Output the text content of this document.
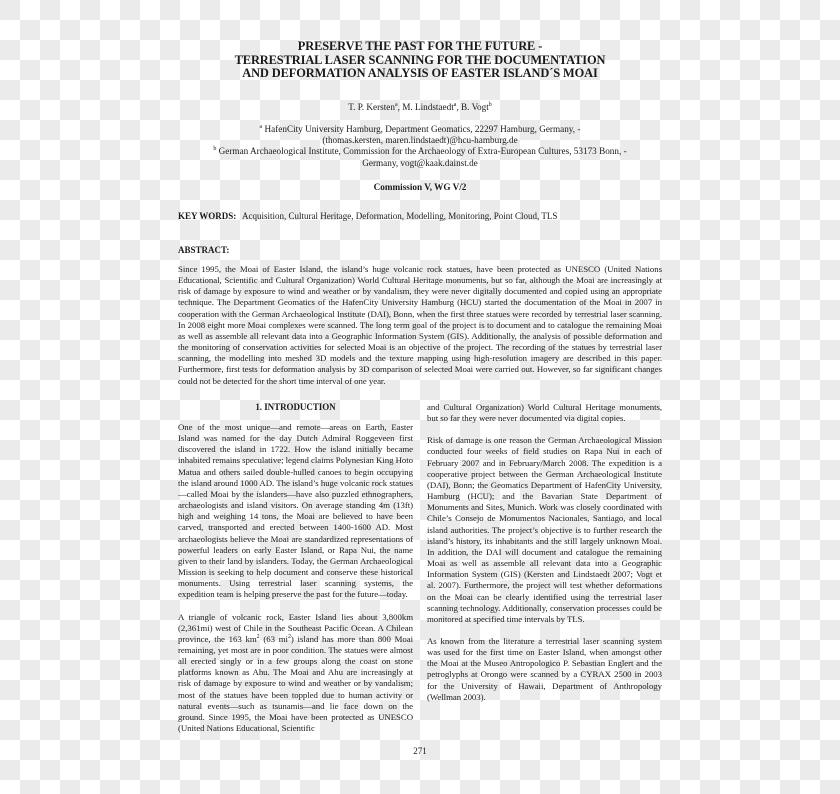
PRESERVE THE PAST FOR THE FUTURE -
TERRESTRIAL LASER SCANNING FOR THE DOCUMENTATION
AND DEFORMATION ANALYSIS OF EASTER ISLAND´S MOAI
T. P. Kersten$^a$, M. Lindstaedt$^a$, B. Vogt$^b$
$^a$ HafenCity University Hamburg, Department Geomatics, 22297 Hamburg, Germany, -
(thomas.kersten, maren.lindstaedt)@hcu-hamburg.de
$^b$ German Archaeological Institute, Commission for the Archaeology of Extra-European Cultures, 53173 Bonn, -
Germany, vogt@kaak.dainst.de
Commission V, WG V/2
KEY WORDS: Acquisition, Cultural Heritage, Deformation, Modelling, Monitoring, Point Cloud, TLS
ABSTRACT:
Since 1995, the Moai of Easter Island, the island’s huge volcanic rock statues, have been protected as UNESCO (United Nations Educational, Scientific and Cultural Organization) World Cultural Heritage monuments, but so far, although the Moai are increasingly at risk of damage by exposure to wind and weather or by vandalism, they were never digitally documented and copied using an appropriate technique. The Department Geomatics of the HafenCity University Hamburg (HCU) started the documentation of the Moai in 2007 in cooperation with the German Archaeological Institute (DAI), Bonn, when the first three statues were recorded by terrestrial laser scanning. In 2008 eight more Moai complexes were scanned. The long term goal of the project is to document and to catalogue the remaining Moai as well as assemble all relevant data into a Geographic Information System (GIS). Additionally, the analysis of possible deformation and the monitoring of conservation activities for selected Moai is an objective of the project. The recording of the statues by terrestrial laser scanning, the modelling into meshed 3D models and the texture mapping using high-resolution imagery are described in this paper. Furthermore, first tests for deformation analysis by 3D comparison of selected Moai were carried out. However, so far significant changes could not be detected for the short time interval of one year.
1. INTRODUCTION

One of the most unique—and remote—areas on Earth, Easter Island was named for the day Dutch Admiral Roggeveen first discovered the island in 1722. How the island initially became inhabited remains speculative; legend claims Polynesian King Hoto Matua and others sailed double-hulled canoes to begin occupying the island around 1000 AD. The island’s huge volcanic rock statues—called Moai by the islanders—have also puzzled ethnographers, archaeologists and island visitors. On average standing 4m (13ft) high and weighing 14 tons, the Moai are believed to have been carved, transported and erected between 1400-1600 AD. Most archaeologists believe the Moai are standardized representations of powerful leaders on early Easter Island, or Rapa Nui, the name given to their land by islanders. Today, the German Archaeological Mission is seeking to help document and conserve these historical monuments. Using terrestrial laser scanning systems, the expedition team is helping preserve the past for the future—today.

A triangle of volcanic rock, Easter Island lies about 3,800km (2,361mi) west of Chile in the Southeast Pacific Ocean. A Chilean province, the 163 $km^2$ (63 $mi^2$) island has more than 800 Moai remaining, yet most are in poor condition. The statues were almost all erected singly or in a few groups along the coast on stone platforms known as Ahu. The Moai and Ahu are increasingly at risk of damage by exposure to wind and weather or by vandalism; most of the statues have been toppled due to human activity or natural events—such as tsunamis—and lie face down on the ground. Since 1995, the Moai have been protected as UNESCO (United Nations Educational, Scientific

and Cultural Organization) World Cultural Heritage monuments, but so far they were never documented via digital copies.

Risk of damage is one reason the German Archaeological Mission conducted four weeks of field studies on Rapa Nui in each of February 2007 and in February/March 2008. The expedition is a cooperative project between the German Archaeological Institute (DAI), Bonn; the Geomatics Department of HafenCity University, Hamburg (HCU); and the Bavarian State Department of Monuments and Sites, Munich. Work was closely coordinated with Chile’s Consejo de Monumentos Nacionales, Santiago, and local island authorities. The project’s objective is to further research the island’s history, its inhabitants and the still largely unknown Moai. In addition, the DAI will document and catalogue the remaining Moai as well as assemble all relevant data into a Geographic Information System (GIS) (Kersten and Lindstaedt 2007; Vogt et al. 2007). Furthermore, the project will test whether deformations on the Moai can be clearly identified using the terrestrial laser scanning technology. Additionally, conservation processes could be monitored at specified time intervals by TLS.

As known from the literature a terrestrial laser scanning system was used for the first time on Easter Island, when amongst other the Moai at the Museo Antropologico P. Sebastian Englert and the petroglyphs at Orongo were scanned by a CYRAX 2500 in 2003 for the University of Hawaii, Department of Anthropology (Wellman 2003).

271
